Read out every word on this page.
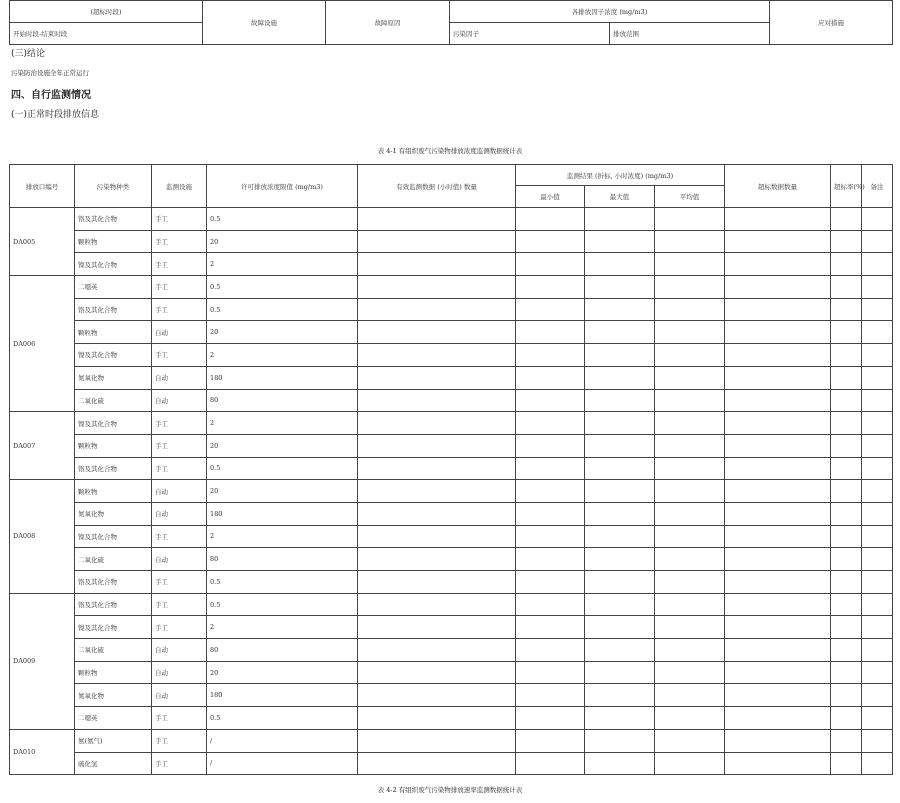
(超标时段)	故障设施	故障原因	各排放因子浓度 (mg/m3)		应对措施
开始时段-结束时段			污染因子	排放范围	
(三)结论
污染防治设施全年正常运行
四、自行监测情况
(一)正常时段排放信息
表 4-1 有组织废气污染物排放浓度监测数据统计表
排放口编号	污染物种类	监测设施	许可排放浓度限值 (mg/m3)	有效监测数据 (小时值) 数量	监测结果 (折标, 小时浓度) (mg/m3)			超标数据数量	超标率(%)	备注
					最小值	最大值	平均值			
DA005	铬及其化合物	手工	0.5							
	颗粒物	手工	20							
	镍及其化合物	手工	2							
DA006	二噁英	手工	0.5							
	铬及其化合物	手工	0.5							
	颗粒物	自动	20							
	镍及其化合物	手工	2							
	氮氧化物	自动	180							
	二氧化硫	自动	80							
DA007	镍及其化合物	手工	2							
	颗粒物	手工	20							
	铬及其化合物	手工	0.5							
DA008	颗粒物	自动	20							
	氮氧化物	自动	180							
	镍及其化合物	手工	2							
	二氧化硫	自动	80							
	铬及其化合物	手工	0.5							
DA009	铬及其化合物	手工	0.5							
	镍及其化合物	手工	2							
	二氧化硫	自动	80							
	颗粒物	自动	20							
	氮氧化物	自动	180							
	二噁英	手工	0.5							
DA010	氨(氨气)	手工	/							
	硫化氢	手工	/							
表 4-2 有组织废气污染物排放速率监测数据统计表
